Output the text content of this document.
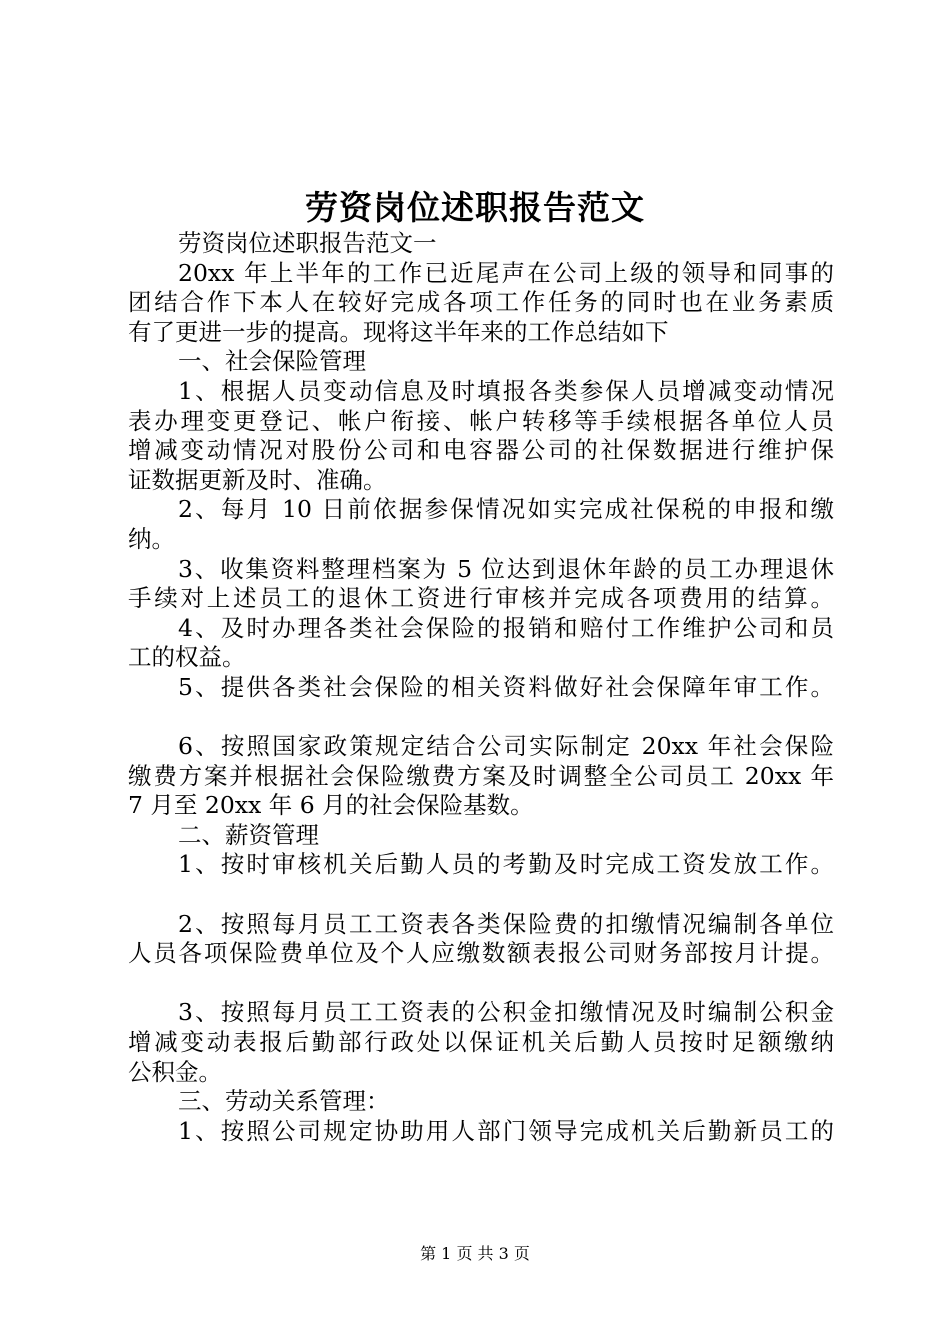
劳资岗位述职报告范文
劳资岗位述职报告范文一
20xx 年上半年的工作已近尾声在公司上级的领导和同事的
团结合作下本人在较好完成各项工作任务的同时也在业务素质
有了更进一步的提高。现将这半年来的工作总结如下
一、社会保险管理
1、根据人员变动信息及时填报各类参保人员增减变动情况
表办理变更登记、帐户衔接、帐户转移等手续根据各单位人员
增减变动情况对股份公司和电容器公司的社保数据进行维护保
证数据更新及时、准确。
2、每月 10 日前依据参保情况如实完成社保税的申报和缴
纳。
3、收集资料整理档案为 5 位达到退休年龄的员工办理退休
手续对上述员工的退休工资进行审核并完成各项费用的结算。
4、及时办理各类社会保险的报销和赔付工作维护公司和员
工的权益。
5、提供各类社会保险的相关资料做好社会保障年审工作。
6、按照国家政策规定结合公司实际制定 20xx 年社会保险
缴费方案并根据社会保险缴费方案及时调整全公司员工 20xx 年
7 月至 20xx 年 6 月的社会保险基数。
二、薪资管理
1、按时审核机关后勤人员的考勤及时完成工资发放工作。
2、按照每月员工工资表各类保险费的扣缴情况编制各单位
人员各项保险费单位及个人应缴数额表报公司财务部按月计提。
3、按照每月员工工资表的公积金扣缴情况及时编制公积金
增减变动表报后勤部行政处以保证机关后勤人员按时足额缴纳
公积金。
三、劳动关系管理：
1、按照公司规定协助用人部门领导完成机关后勤新员工的
第 1 页 共 3 页
